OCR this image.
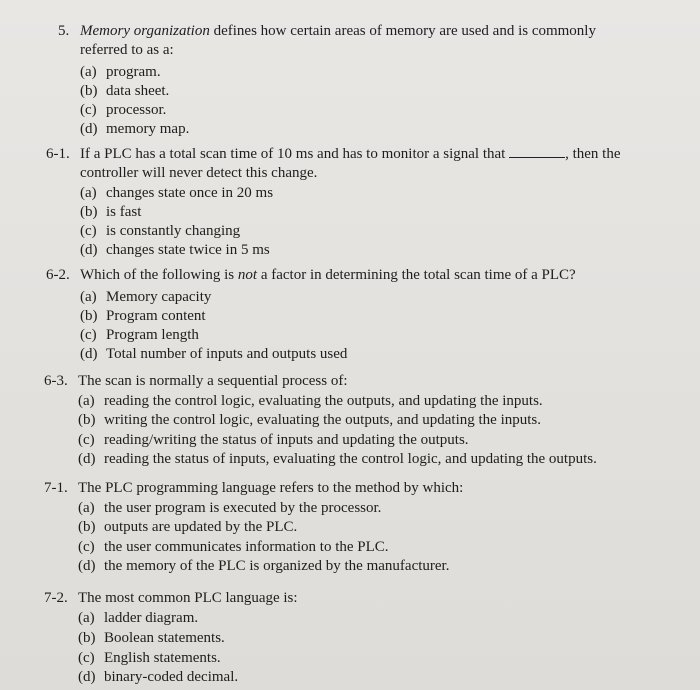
5. Memory organization defines how certain areas of memory are used and is commonly
referred to as a:
(a) program.
(b) data sheet.
(c) processor.
(d) memory map.
6-1. If a PLC has a total scan time of 10 ms and has to monitor a signal that	, then the
controller will never detect this change.
(a) changes state once in 20 ms
(b) is fast
(c) is constantly changing
(d) changes state twice in 5 ms
6-2. Which of the following is not a factor in determining the total scan time of a PLC?
(a) Memory capacity
(b) Program content
(c) Program length
(d) Total number of inputs and outputs used
6-3. The scan is normally a sequential process of:
(a) reading the control logic, evaluating the outputs, and updating the inputs.
(b) writing the control logic, evaluating the outputs, and updating the inputs.
(c) reading/writing the status of inputs and updating the outputs.
(d) reading the status of inputs, evaluating the control logic, and updating the outputs.
7-1. The PLC programming language refers to the method by which:
(a) the user program is executed by the processor.
(b) outputs are updated by the PLC.
(c) the user communicates information to the PLC.
(d) the memory of the PLC is organized by the manufacturer.
7-2. The most common PLC language is:
(a) ladder diagram.
(b) Boolean statements.
(c) English statements.
(d) binary-coded decimal.
